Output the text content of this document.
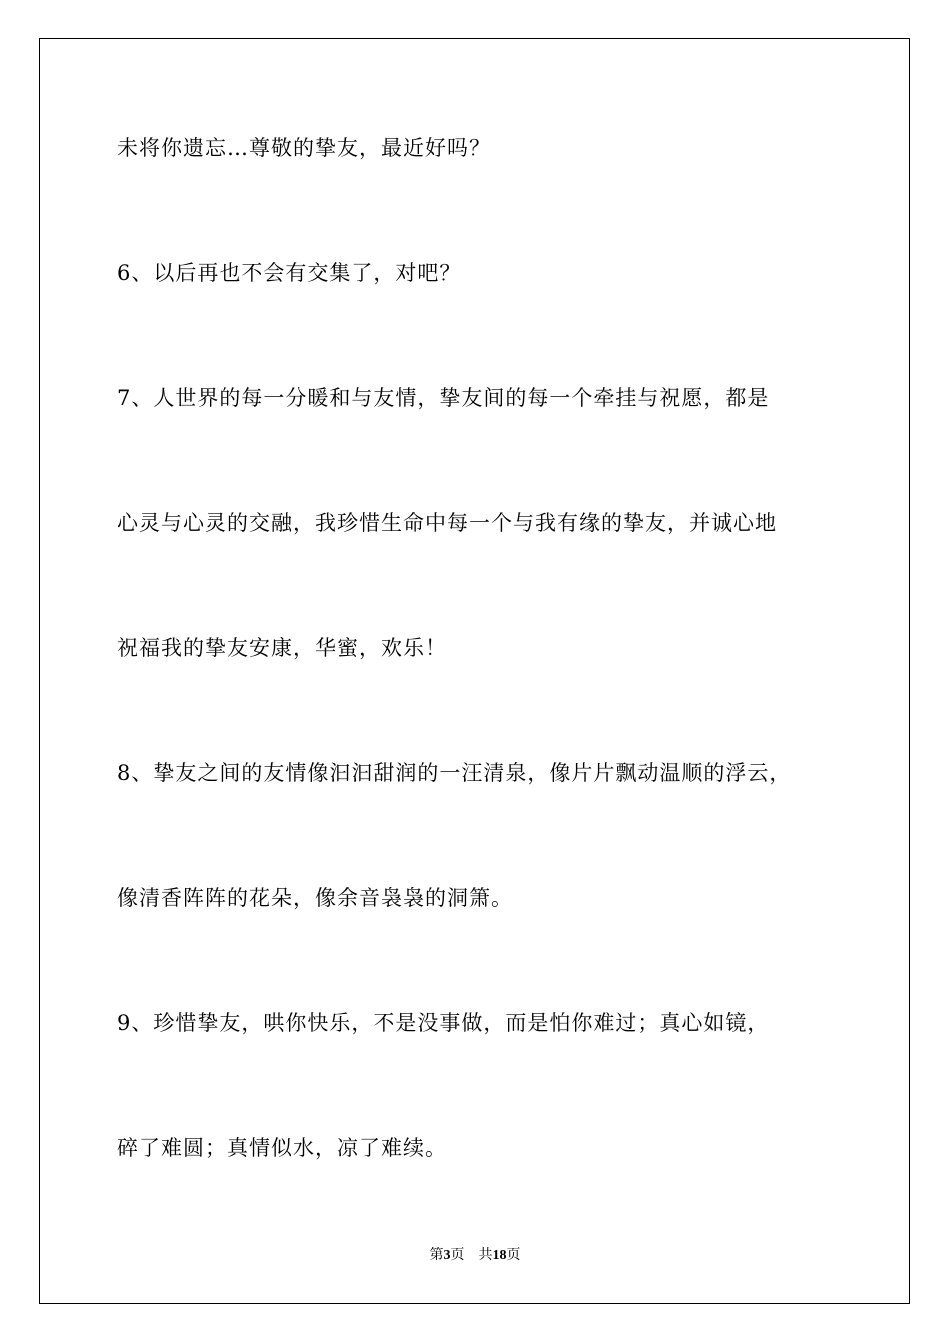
未将你遗忘…尊敬的挚友，最近好吗？
6、以后再也不会有交集了，对吧？
7、人世界的每一分暖和与友情，挚友间的每一个牵挂与祝愿，都是
心灵与心灵的交融，我珍惜生命中每一个与我有缘的挚友，并诚心地
祝福我的挚友安康，华蜜，欢乐！
8、挚友之间的友情像汩汩甜润的一汪清泉，像片片飘动温顺的浮云，
像清香阵阵的花朵，像余音袅袅的洞箫。
9、珍惜挚友，哄你快乐，不是没事做，而是怕你难过；真心如镜，
碎了难圆；真情似水，凉了难续。
第3页 共18页
